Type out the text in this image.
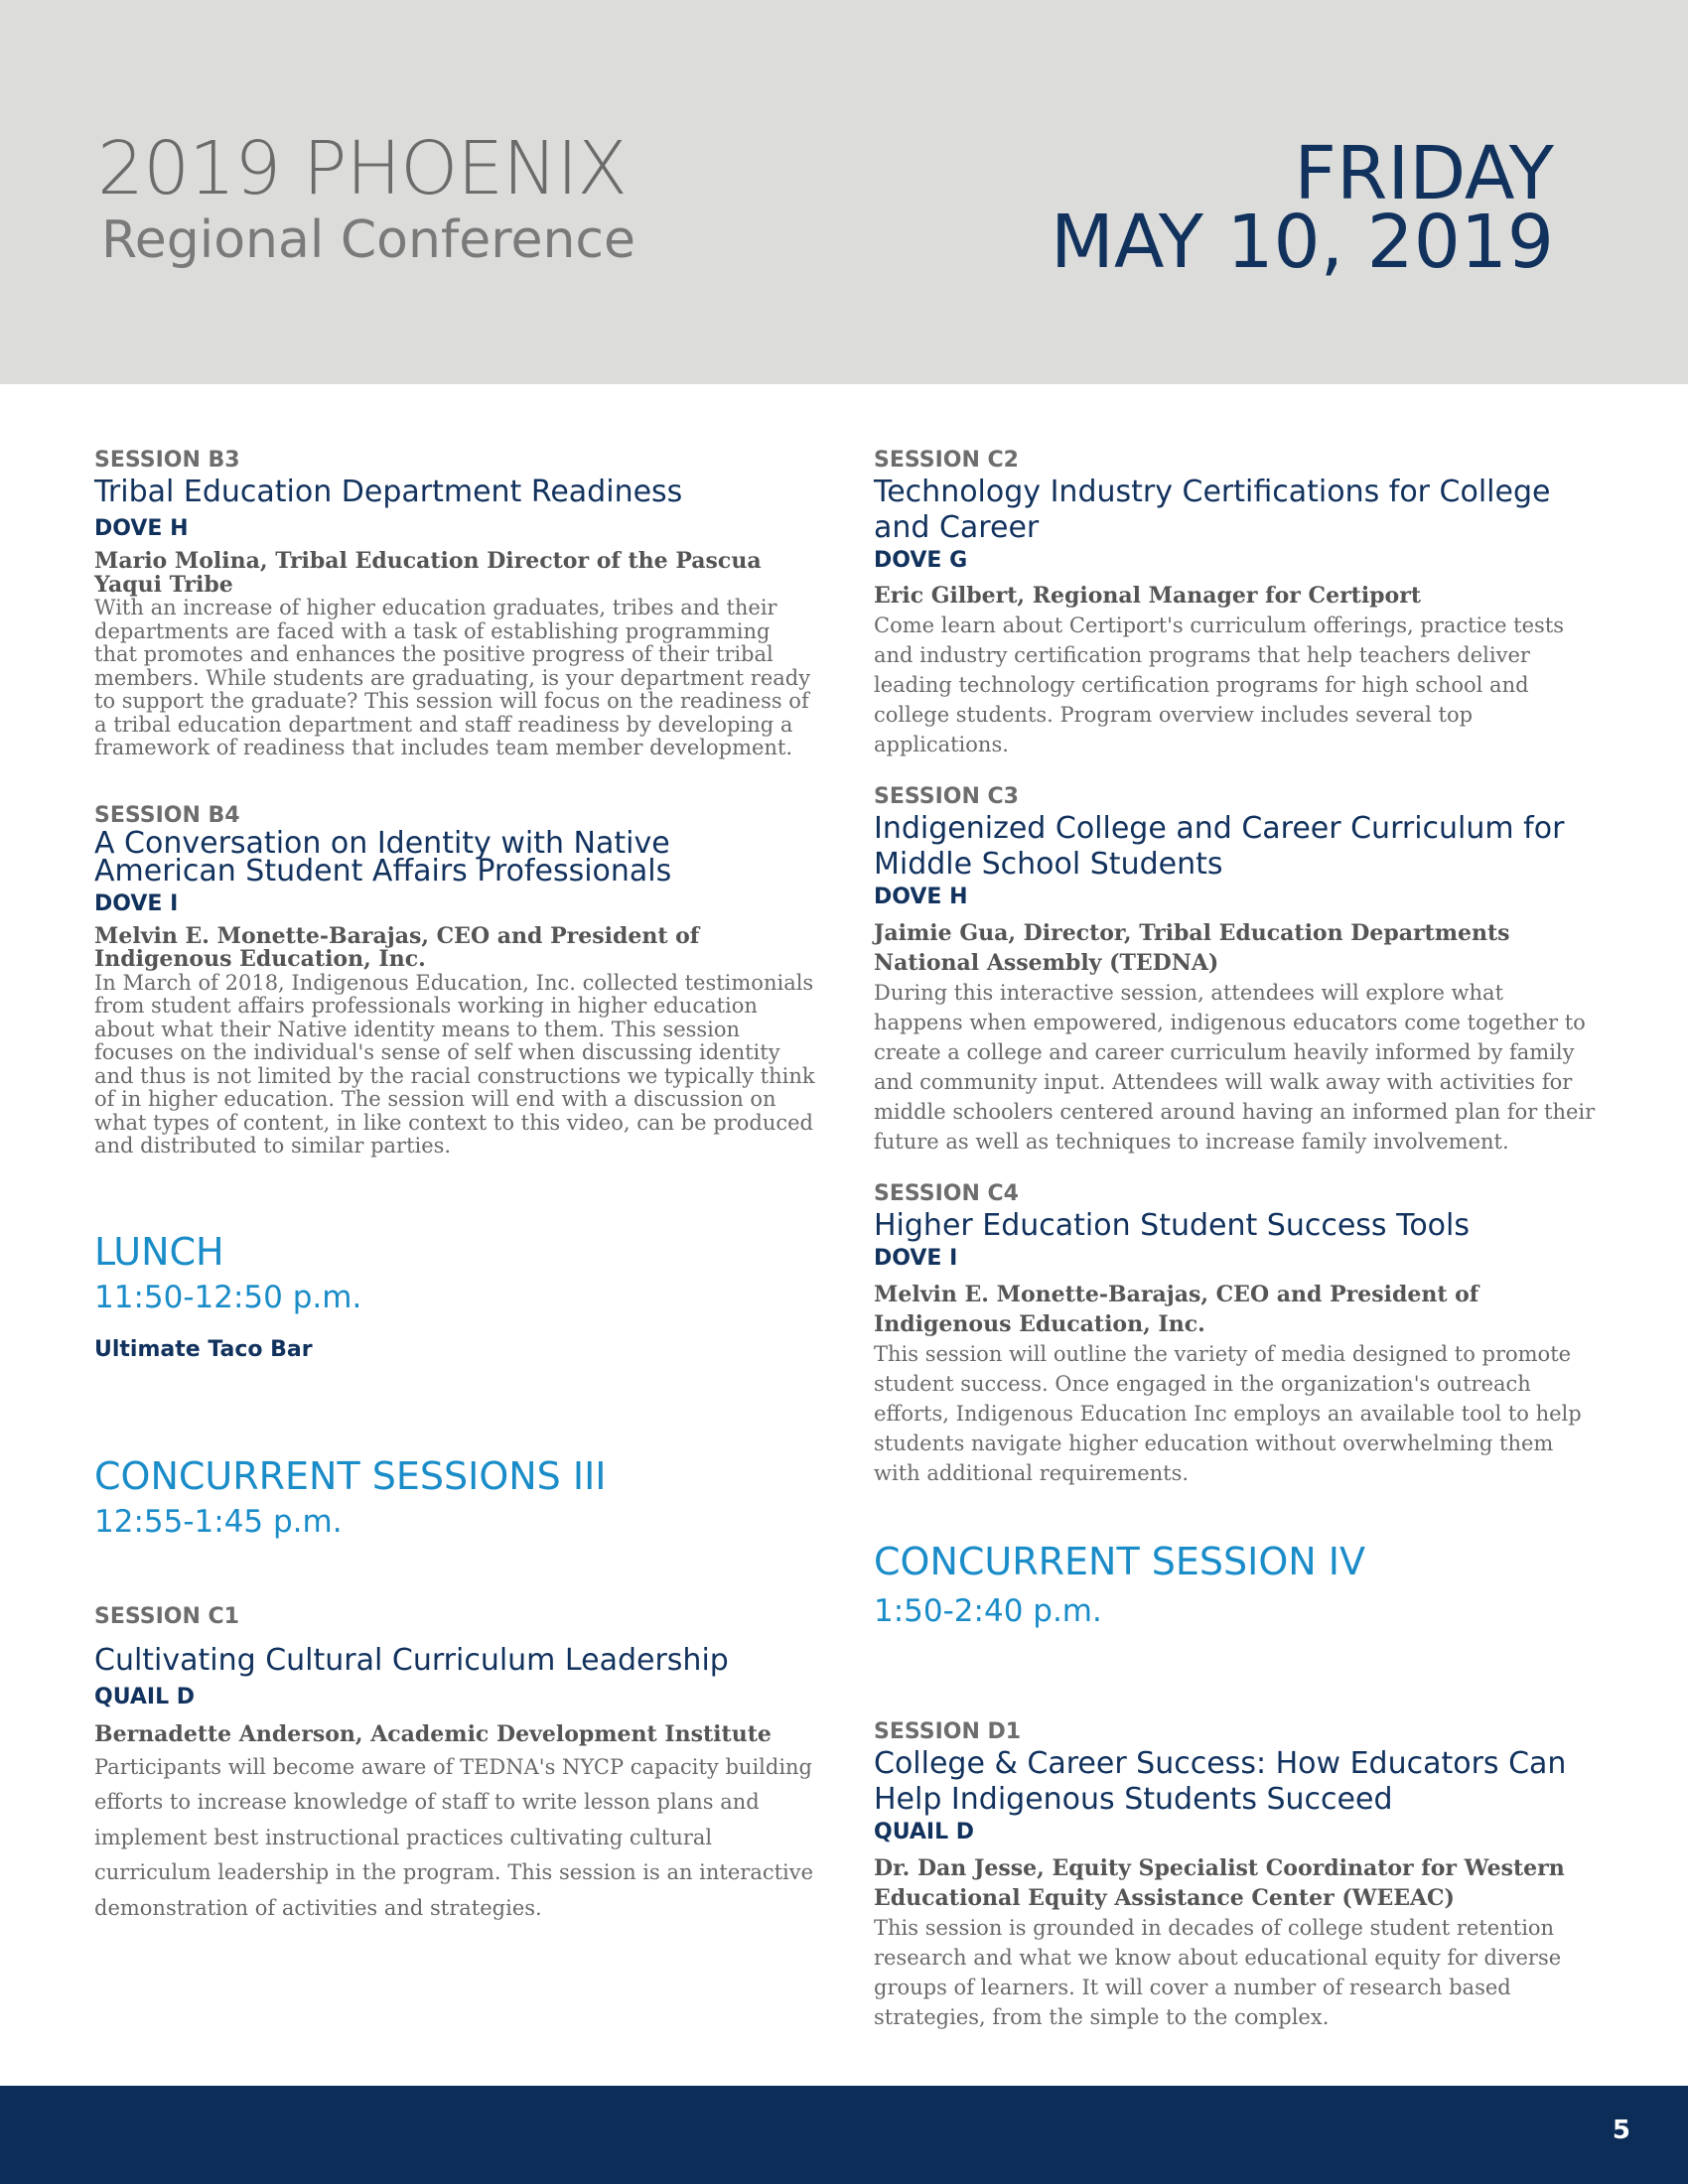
2019 PHOENIX
Regional Conference
FRIDAY
MAY 10, 2019
SESSION B3
Tribal Education Department Readiness
DOVE H
Mario Molina, Tribal Education Director of the Pascua Yaqui Tribe
With an increase of higher education graduates, tribes and their departments are faced with a task of establishing programming that promotes and enhances the positive progress of their tribal members. While students are graduating, is your department ready to support the graduate? This session will focus on the readiness of a tribal education department and staff readiness by developing a framework of readiness that includes team member development.
SESSION B4
A Conversation on Identity with Native American Student Affairs Professionals
DOVE I
Melvin E. Monette-Barajas, CEO and President of Indigenous Education, Inc.
In March of 2018, Indigenous Education, Inc. collected testimonials from student affairs professionals working in higher education about what their Native identity means to them. This session focuses on the individual's sense of self when discussing identity and thus is not limited by the racial constructions we typically think of in higher education. The session will end with a discussion on what types of content, in like context to this video, can be produced and distributed to similar parties.
LUNCH
11:50-12:50 p.m.
Ultimate Taco Bar
CONCURRENT SESSIONS III
12:55-1:45 p.m.
SESSION C1
Cultivating Cultural Curriculum Leadership
QUAIL D
Bernadette Anderson, Academic Development Institute
Participants will become aware of TEDNA's NYCP capacity building efforts to increase knowledge of staff to write lesson plans and implement best instructional practices cultivating cultural curriculum leadership in the program. This session is an interactive demonstration of activities and strategies.
SESSION C2
Technology Industry Certifications for College and Career
DOVE G
Eric Gilbert, Regional Manager for Certiport
Come learn about Certiport's curriculum offerings, practice tests and industry certification programs that help teachers deliver leading technology certification programs for high school and college students. Program overview includes several top applications.
SESSION C3
Indigenized College and Career Curriculum for Middle School Students
DOVE H
Jaimie Gua, Director, Tribal Education Departments National Assembly (TEDNA)
During this interactive session, attendees will explore what happens when empowered, indigenous educators come together to create a college and career curriculum heavily informed by family and community input. Attendees will walk away with activities for middle schoolers centered around having an informed plan for their future as well as techniques to increase family involvement.
SESSION C4
Higher Education Student Success Tools
DOVE I
Melvin E. Monette-Barajas, CEO and President of Indigenous Education, Inc.
This session will outline the variety of media designed to promote student success. Once engaged in the organization's outreach efforts, Indigenous Education Inc employs an available tool to help students navigate higher education without overwhelming them with additional requirements.
CONCURRENT SESSION IV
1:50-2:40 p.m.
SESSION D1
College & Career Success: How Educators Can Help Indigenous Students Succeed
QUAIL D
Dr. Dan Jesse, Equity Specialist Coordinator for Western Educational Equity Assistance Center (WEEAC)
This session is grounded in decades of college student retention research and what we know about educational equity for diverse groups of learners. It will cover a number of research based strategies, from the simple to the complex.
5
